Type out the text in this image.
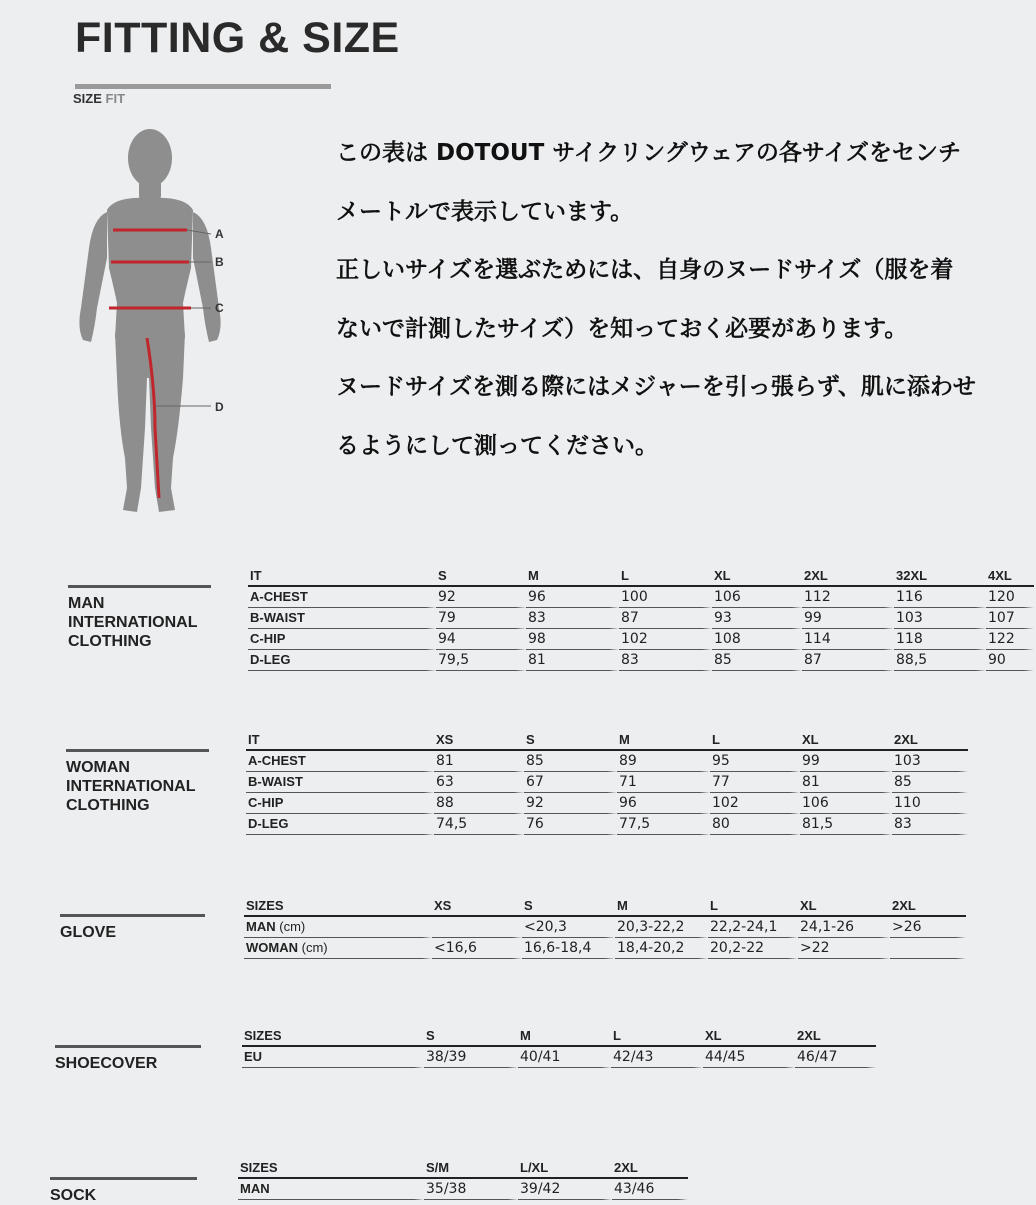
FITTING & SIZE
SIZE FIT
A
B
C
D

この表は DOTOUT サイクリングウェアの各サイズをセンチ

メートルで表示しています。

正しいサイズを選ぶためには、自身のヌードサイズ（服を着

ないで計測したサイズ）を知っておく必要があります。

ヌードサイズを測る際にはメジャーを引っ張らず、肌に添わせ

るようにして測ってください。

MAN
INTERNATIONAL
CLOTHING
IT	S	M	L	XL	2XL	32XL	4XL
A-CHEST	92	96	100	106	112	116	120
B-WAIST	79	83	87	93	99	103	107
C-HIP	94	98	102	108	114	118	122
D-LEG	79,5	81	83	85	87	88,5	90
WOMAN
INTERNATIONAL
CLOTHING
IT	XS	S	M	L	XL	2XL
A-CHEST	81	85	89	95	99	103
B-WAIST	63	67	71	77	81	85
C-HIP	88	92	96	102	106	110
D-LEG	74,5	76	77,5	80	81,5	83
GLOVE
SIZES	XS	S	M	L	XL	2XL
MAN (cm)		<20,3	20,3-22,2	22,2-24,1	24,1-26	>26
WOMAN (cm)	<16,6	16,6-18,4	18,4-20,2	20,2-22	>22	
SHOECOVER
SIZES	S	M	L	XL	2XL
EU	38/39	40/41	42/43	44/45	46/47
SOCK
SIZES	S/M	L/XL	2XL
MAN	35/38	39/42	43/46
